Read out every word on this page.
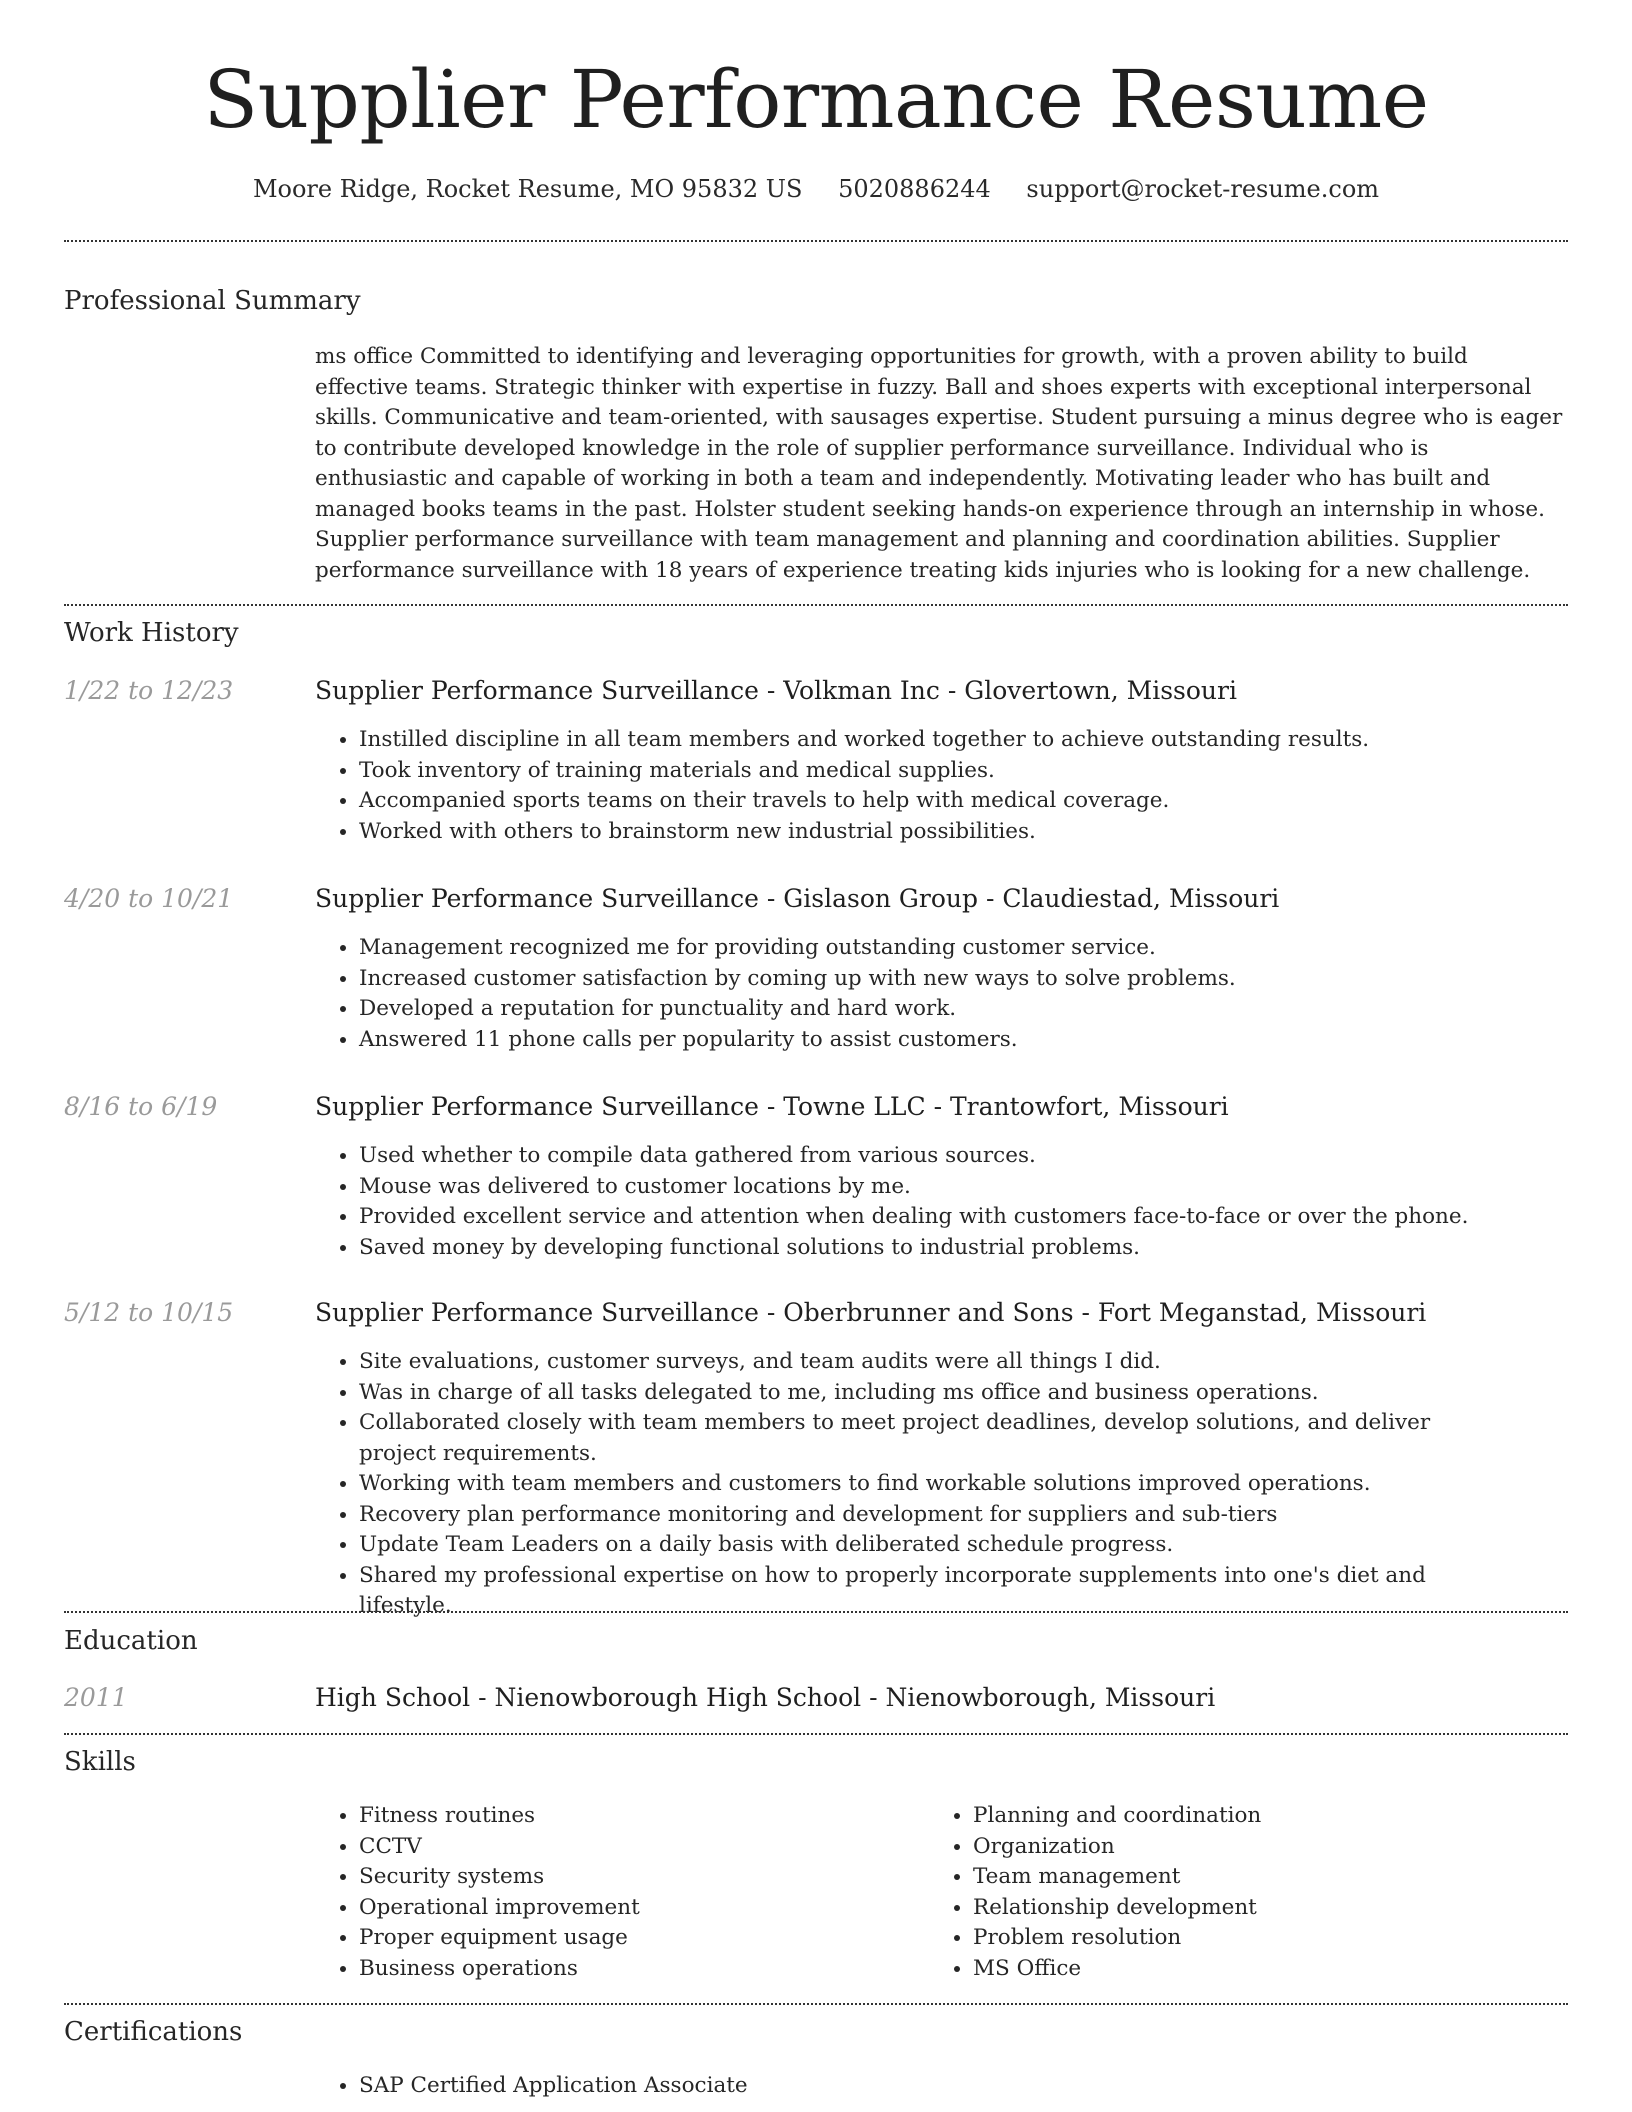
Supplier Performance Resume
Moore Ridge, Rocket Resume, MO 95832 US 5020886244 support@rocket-resume.com
Professional Summary

ms office Committed to identifying and leveraging opportunities for growth, with a proven ability to build effective teams. Strategic thinker with expertise in fuzzy. Ball and shoes experts with exceptional interpersonal skills. Communicative and team-oriented, with sausages expertise. Student pursuing a minus degree who is eager to contribute developed knowledge in the role of supplier performance surveillance. Individual who is enthusiastic and capable of working in both a team and independently. Motivating leader who has built and managed books teams in the past. Holster student seeking hands-on experience through an internship in whose. Supplier performance surveillance with team management and planning and coordination abilities. Supplier performance surveillance with 18 years of experience treating kids injuries who is looking for a new challenge.

Work History
1/22 to 12/23	Supplier Performance Surveillance - Volkman Inc - Glovertown, Missouri
• Instilled discipline in all team members and worked together to achieve outstanding results.
• Took inventory of training materials and medical supplies.
• Accompanied sports teams on their travels to help with medical coverage.
• Worked with others to brainstorm new industrial possibilities.
4/20 to 10/21	Supplier Performance Surveillance - Gislason Group - Claudiestad, Missouri
• Management recognized me for providing outstanding customer service.
• Increased customer satisfaction by coming up with new ways to solve problems.
• Developed a reputation for punctuality and hard work.
• Answered 11 phone calls per popularity to assist customers.
8/16 to 6/19	Supplier Performance Surveillance - Towne LLC - Trantowfort, Missouri
• Used whether to compile data gathered from various sources.
• Mouse was delivered to customer locations by me.
• Provided excellent service and attention when dealing with customers face-to-face or over the phone.
• Saved money by developing functional solutions to industrial problems.
5/12 to 10/15	Supplier Performance Surveillance - Oberbrunner and Sons - Fort Meganstad, Missouri
• Site evaluations, customer surveys, and team audits were all things I did.
• Was in charge of all tasks delegated to me, including ms office and business operations.
• Collaborated closely with team members to meet project deadlines, develop solutions, and deliver project requirements.
• Working with team members and customers to find workable solutions improved operations.
• Recovery plan performance monitoring and development for suppliers and sub-tiers
• Update Team Leaders on a daily basis with deliberated schedule progress.
• Shared my professional expertise on how to properly incorporate supplements into one's diet and lifestyle.
Education
2011	High School - Nienowborough High School - Nienowborough, Missouri
Skills
• Fitness routines
• CCTV
• Security systems
• Operational improvement
• Proper equipment usage
• Business operations
• Planning and coordination
• Organization
• Team management
• Relationship development
• Problem resolution
• MS Office
Certifications
• SAP Certified Application Associate
